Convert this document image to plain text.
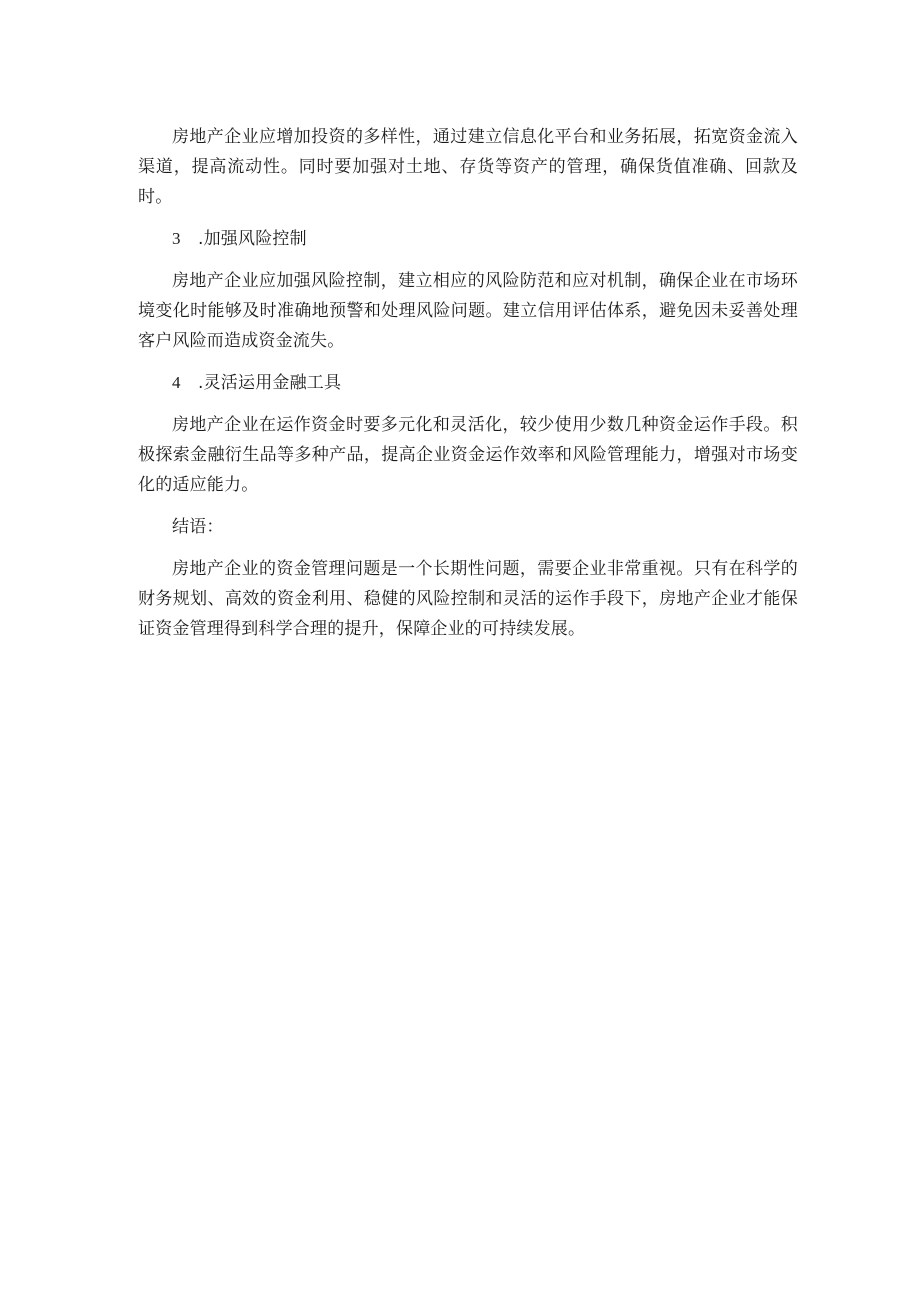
房地产企业应增加投资的多样性，通过建立信息化平台和业务拓展，拓宽资金流入渠道，提高流动性。同时要加强对土地、存货等资产的管理，确保货值准确、回款及时。

3 .加强风险控制

房地产企业应加强风险控制，建立相应的风险防范和应对机制，确保企业在市场环境变化时能够及时准确地预警和处理风险问题。建立信用评估体系，避免因未妥善处理客户风险而造成资金流失。

4 .灵活运用金融工具

房地产企业在运作资金时要多元化和灵活化，较少使用少数几种资金运作手段。积极探索金融衍生品等多种产品，提高企业资金运作效率和风险管理能力，增强对市场变化的适应能力。

结语：

房地产企业的资金管理问题是一个长期性问题，需要企业非常重视。只有在科学的财务规划、高效的资金利用、稳健的风险控制和灵活的运作手段下，房地产企业才能保证资金管理得到科学合理的提升，保障企业的可持续发展。
